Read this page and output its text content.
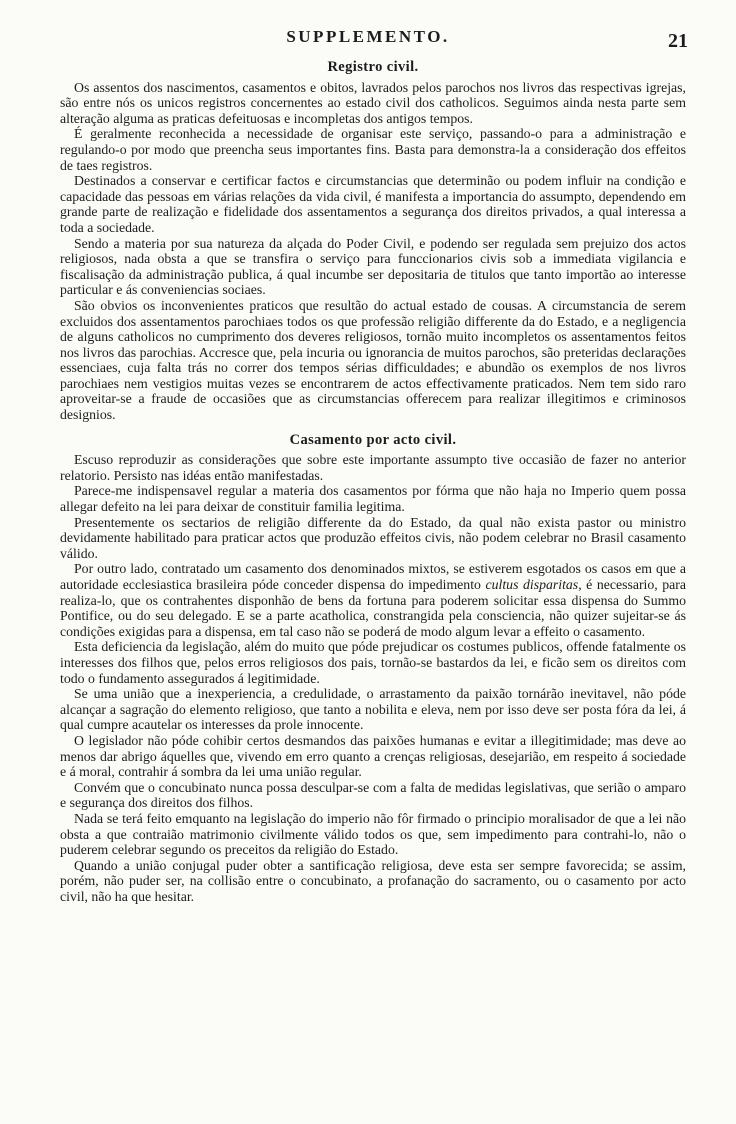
SUPPLEMENTO.	21
Registro civil.

Os assentos dos nascimentos, casamentos e obitos, lavrados pelos parochos nos livros das respectivas igrejas, são entre nós os unicos registros concernentes ao estado civil dos catholicos. Seguimos ainda nesta parte sem alteração alguma as praticas defeituosas e incompletas dos antigos tempos.

É geralmente reconhecida a necessidade de organisar este serviço, passando-o para a administração e regulando-o por modo que preencha seus importantes fins. Basta para demonstra-la a consideração dos effeitos de taes registros.

Destinados a conservar e certificar factos e circumstancias que determinão ou podem influir na condição e capacidade das pessoas em várias relações da vida civil, é manifesta a importancia do assumpto, dependendo em grande parte de realização e fidelidade dos assentamentos a segurança dos direitos privados, a qual interessa a toda a sociedade.

Sendo a materia por sua natureza da alçada do Poder Civil, e podendo ser regulada sem prejuizo dos actos religiosos, nada obsta a que se transfira o serviço para funccionarios civis sob a immediata vigilancia e fiscalisação da administração publica, á qual incumbe ser depositaria de titulos que tanto importão ao interesse particular e ás conveniencias sociaes.

São obvios os inconvenientes praticos que resultão do actual estado de cousas. A circumstancia de serem excluidos dos assentamentos parochiaes todos os que professão religião differente da do Estado, e a negligencia de alguns catholicos no cumprimento dos deveres religiosos, tornão muito incompletos os assentamentos feitos nos livros das parochias. Accresce que, pela incuria ou ignorancia de muitos parochos, são preteridas declarações essenciaes, cuja falta trás no correr dos tempos sérias difficuldades; e abundão os exemplos de nos livros parochiaes nem vestigios muitas vezes se encontrarem de actos effectivamente praticados. Nem tem sido raro aproveitar-se a fraude de occasiões que as circumstancias offerecem para realizar illegitimos e criminosos designios.

Casamento por acto civil.

Escuso reproduzir as considerações que sobre este importante assumpto tive occasião de fazer no anterior relatorio. Persisto nas idéas então manifestadas.

Parece-me indispensavel regular a materia dos casamentos por fórma que não haja no Imperio quem possa allegar defeito na lei para deixar de constituir familia legitima.

Presentemente os sectarios de religião differente da do Estado, da qual não exista pastor ou ministro devidamente habilitado para praticar actos que produzão effeitos civis, não podem celebrar no Brasil casamento válido.

Por outro lado, contratado um casamento dos denominados mixtos, se estiverem esgotados os casos em que a autoridade ecclesiastica brasileira póde conceder dispensa do impedimento cultus disparitas, é necessario, para realiza-lo, que os contrahentes disponhão de bens da fortuna para poderem solicitar essa dispensa do Summo Pontifice, ou do seu delegado. E se a parte acatholica, constrangida pela consciencia, não quizer sujeitar-se ás condições exigidas para a dispensa, em tal caso não se poderá de modo algum levar a effeito o casamento.

Esta deficiencia da legislação, além do muito que póde prejudicar os costumes publicos, offende fatalmente os interesses dos filhos que, pelos erros religiosos dos pais, tornão-se bastardos da lei, e ficão sem os direitos com todo o fundamento assegurados á legitimidade.

Se uma união que a inexperiencia, a credulidade, o arrastamento da paixão tornárão inevitavel, não póde alcançar a sagração do elemento religioso, que tanto a nobilita e eleva, nem por isso deve ser posta fóra da lei, á qual cumpre acautelar os interesses da prole innocente.

O legislador não póde cohibir certos desmandos das paixões humanas e evitar a illegitimidade; mas deve ao menos dar abrigo áquelles que, vivendo em erro quanto a crenças religiosas, desejarião, em respeito á sociedade e á moral, contrahir á sombra da lei uma união regular.

Convém que o concubinato nunca possa desculpar-se com a falta de medidas legislativas, que serião o amparo e segurança dos direitos dos filhos.

Nada se terá feito emquanto na legislação do imperio não fôr firmado o principio moralisador de que a lei não obsta a que contraião matrimonio civilmente válido todos os que, sem impedimento para contrahi-lo, não o puderem celebrar segundo os preceitos da religião do Estado.

Quando a união conjugal puder obter a santificação religiosa, deve esta ser sempre favorecida; se assim, porém, não puder ser, na collisão entre o concubinato, a profanação do sacramento, ou o casamento por acto civil, não ha que hesitar.
